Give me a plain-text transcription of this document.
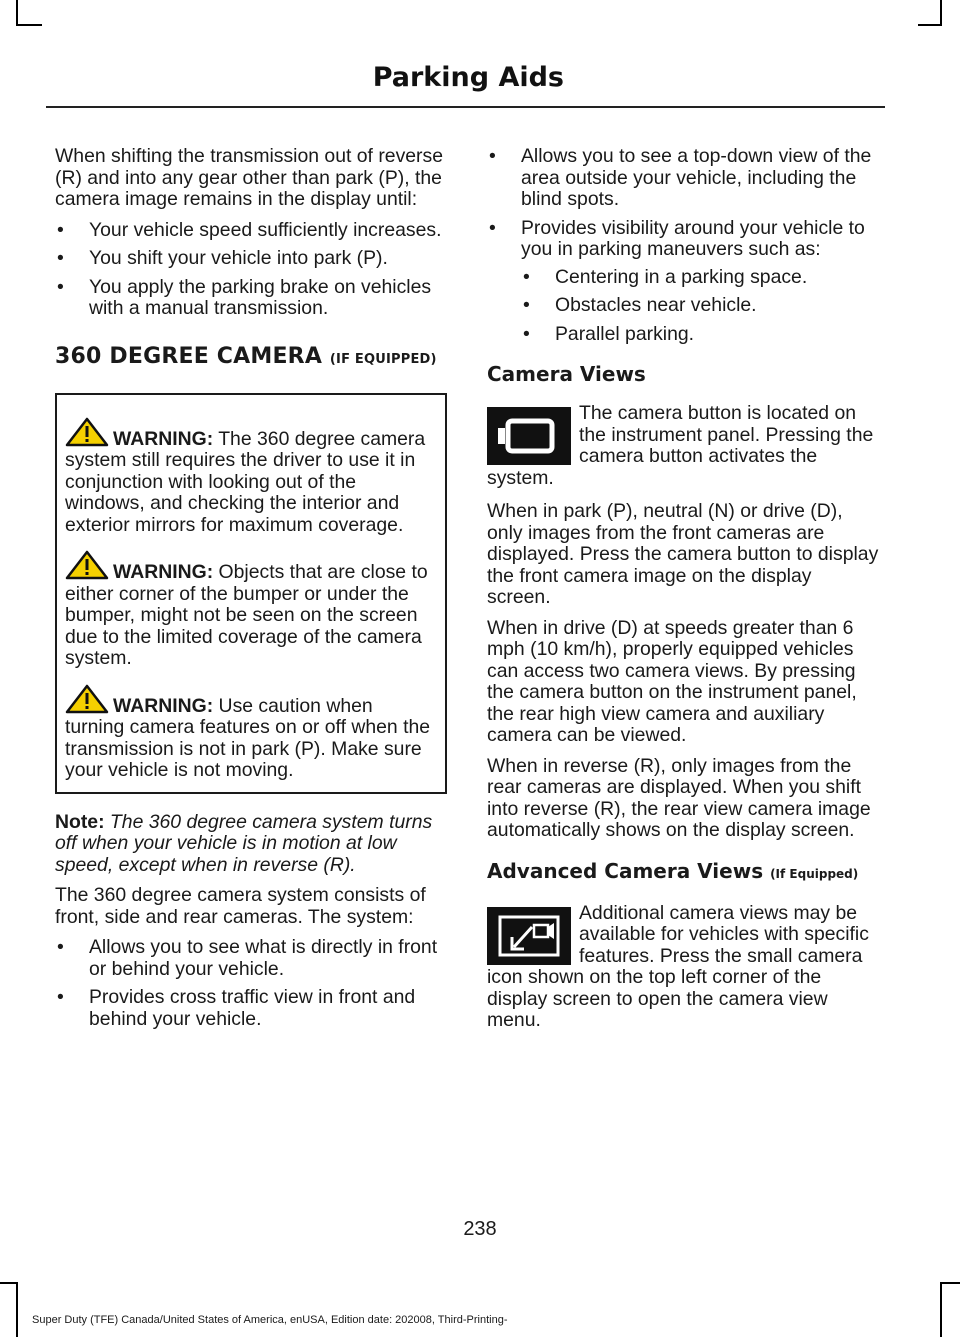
Parking Aids

When shifting the transmission out of reverse (R) and into any gear other than park (P), the camera image remains in the display until:

• Your vehicle speed sufficiently increases.
• You shift your vehicle into park (P).
• You apply the parking brake on vehicles with a manual transmission.
360 DEGREE CAMERA (IF EQUIPPED)
WARNING: The 360 degree camera system still requires the driver to use it in conjunction with looking out of the windows, and checking the interior and exterior mirrors for maximum coverage.
WARNING: Objects that are close to either corner of the bumper or under the bumper, might not be seen on the screen due to the limited coverage of the camera system.
WARNING: Use caution when turning camera features on or off when the transmission is not in park (P). Make sure your vehicle is not moving.

Note: The 360 degree camera system turns off when your vehicle is in motion at low speed, except when in reverse (R).

The 360 degree camera system consists of front, side and rear cameras. The system:

• Allows you to see what is directly in front or behind your vehicle.
• Provides cross traffic view in front and behind your vehicle.
• Allows you to see a top-down view of the area outside your vehicle, including the blind spots.
• Provides visibility around your vehicle to you in parking maneuvers such as:
• Centering in a parking space.
• Obstacles near vehicle.
• Parallel parking.
Camera Views
The camera button is located on the instrument panel. Pressing the camera button activates the system.

When in park (P), neutral (N) or drive (D), only images from the front cameras are displayed. Press the camera button to display the front camera image on the display screen.

When in drive (D) at speeds greater than 6 mph (10 km/h), properly equipped vehicles can access two camera views. By pressing the camera button on the instrument panel, the rear high view camera and auxiliary camera can be viewed.

When in reverse (R), only images from the rear cameras are displayed. When you shift into reverse (R), the rear view camera image automatically shows on the display screen.

Advanced Camera Views (If Equipped)
Additional camera views may be available for vehicles with specific features. Press the small camera icon shown on the top left corner of the display screen to open the camera view menu.
238
Super Duty (TFE) Canada/United States of America, enUSA, Edition date: 202008, Third-Printing-
